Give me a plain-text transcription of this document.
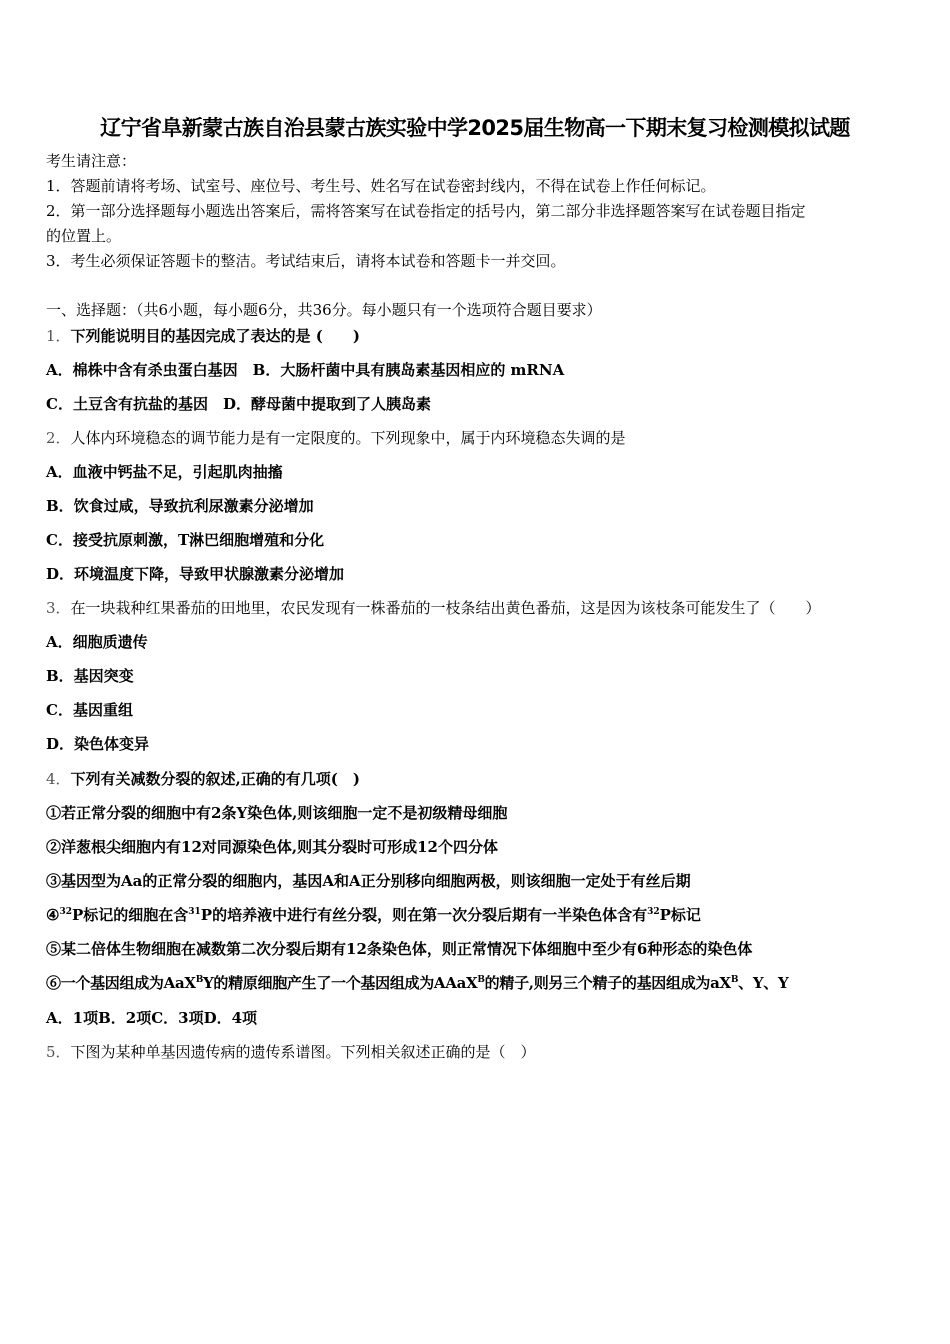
辽宁省阜新蒙古族自治县蒙古族实验中学2025届生物高一下期末复习检测模拟试题
考生请注意：
1．答题前请将考场、试室号、座位号、考生号、姓名写在试卷密封线内，不得在试卷上作任何标记。
2．第一部分选择题每小题选出答案后，需将答案写在试卷指定的括号内，第二部分非选择题答案写在试卷题目指定
的位置上。
3．考生必须保证答题卡的整洁。考试结束后，请将本试卷和答题卡一并交回。
一、选择题：（共6小题，每小题6分，共36分。每小题只有一个选项符合题目要求）
1．下列能说明目的基因完成了表达的是 (　　)
A．棉株中含有杀虫蛋白基因　B．大肠杆菌中具有胰岛素基因相应的 mRNA
C．土豆含有抗盐的基因　D．酵母菌中提取到了人胰岛素
2．人体内环境稳态的调节能力是有一定限度的。下列现象中，属于内环境稳态失调的是
A．血液中钙盐不足，引起肌肉抽搐
B．饮食过咸，导致抗利尿激素分泌增加
C．接受抗原刺激，T淋巴细胞增殖和分化
D．环境温度下降，导致甲状腺激素分泌增加
3．在一块栽种红果番茄的田地里，农民发现有一株番茄的一枝条结出黄色番茄，这是因为该枝条可能发生了（　　）
A．细胞质遗传
B．基因突变
C．基因重组
D．染色体变异
4．下列有关减数分裂的叙述,正确的有几项(　)
①若正常分裂的细胞中有2条Y染色体,则该细胞一定不是初级精母细胞
②洋葱根尖细胞内有12对同源染色体,则其分裂时可形成12个四分体
③基因型为Aa的正常分裂的细胞内，基因A和A正分别移向细胞两极，则该细胞一定处于有丝后期
④$^{32}$P标记的细胞在含$^{31}$P的培养液中进行有丝分裂，则在第一次分裂后期有一半染色体含有$^{32}$P标记
⑤某二倍体生物细胞在减数第二次分裂后期有12条染色体，则正常情况下体细胞中至少有6种形态的染色体
⑥一个基因组成为AaX$^B$Y的精原细胞产生了一个基因组成为AAaX$^B$的精子,则另三个精子的基因组成为$aX^B$、Y、Y
A．1项B．2项C．3项D．4项
5．下图为某种单基因遗传病的遗传系谱图。下列相关叙述正确的是（　）
